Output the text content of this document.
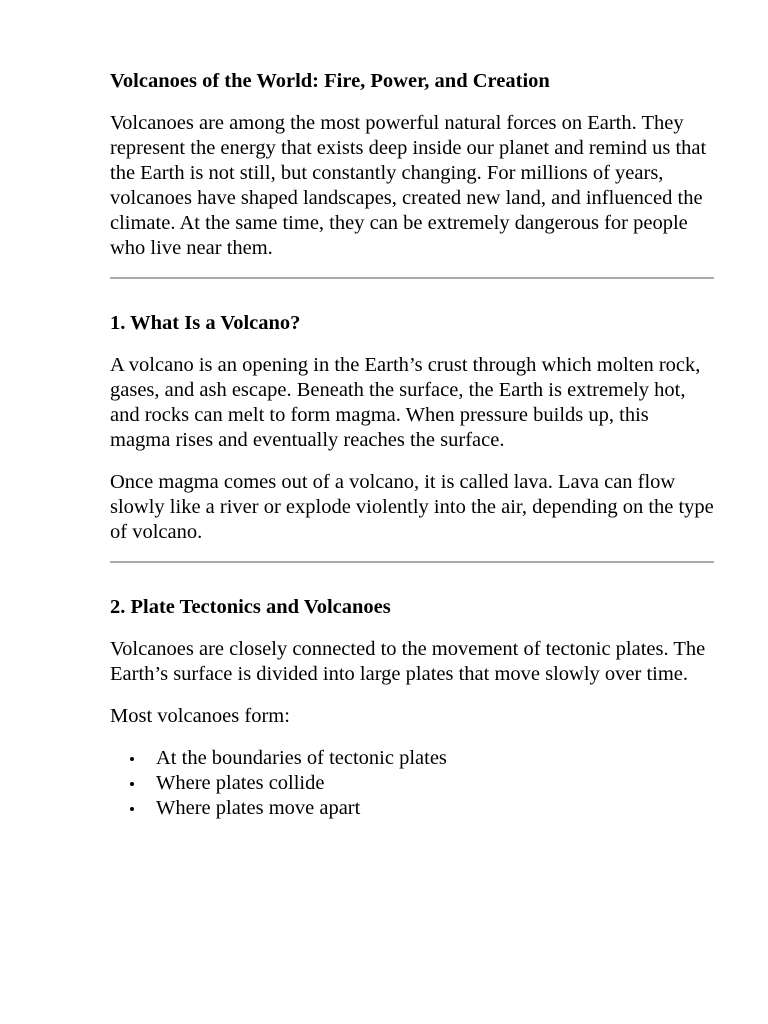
Volcanoes of the World: Fire, Power, and Creation

Volcanoes are among the most powerful natural forces on Earth. They represent the energy that exists deep inside our planet and remind us that the Earth is not still, but constantly changing. For millions of years, volcanoes have shaped landscapes, created new land, and influenced the climate. At the same time, they can be extremely dangerous for people who live near them.

1. What Is a Volcano?

A volcano is an opening in the Earth’s crust through which molten rock, gases, and ash escape. Beneath the surface, the Earth is extremely hot, and rocks can melt to form magma. When pressure builds up, this magma rises and eventually reaches the surface.

Once magma comes out of a volcano, it is called lava. Lava can flow slowly like a river or explode violently into the air, depending on the type of volcano.

2. Plate Tectonics and Volcanoes

Volcanoes are closely connected to the movement of tectonic plates. The Earth’s surface is divided into large plates that move slowly over time.

Most volcanoes form:

At the boundaries of tectonic plates
Where plates collide
Where plates move apart
